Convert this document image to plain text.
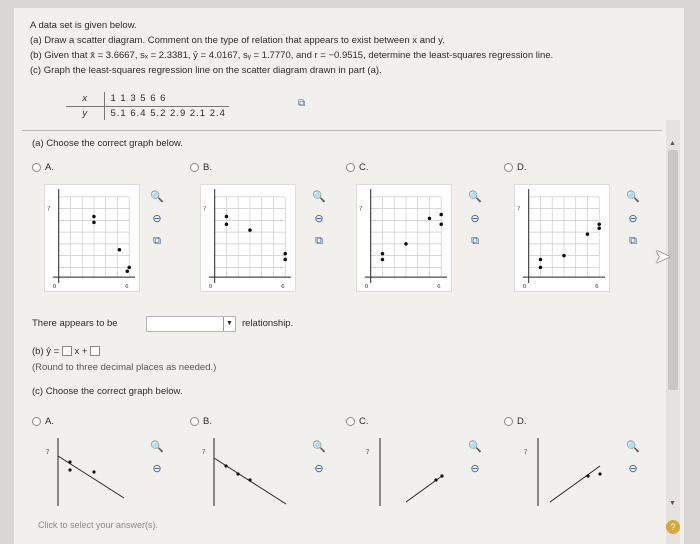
A data set is given below.
(a) Draw a scatter diagram. Comment on the type of relation that appears to exist between x and y.
(b) Given that x̄ = 3.6667, sₓ = 2.3381, ȳ = 4.0167, sᵧ = 1.7770, and r = −0.9515, determine the least-squares regression line.
(c) Graph the least-squares regression line on the scatter diagram drawn in part (a).
x	1 1 3 5 6 6
y	5.1 6.4 5.2 2.9 2.1 2.4
⧉
▲
▼
(a) Choose the correct graph below.
A.	B.	C.	D.
7
0	6
🔍
⊖
⧉
7
0	6
🔍
⊖
⧉
7
0	6
🔍
⊖
⧉
7
0	6
🔍
⊖
⧉
There appears to be	▼ relationship.
(b) ŷ = x +
(Round to three decimal places as needed.)
(c) Choose the correct graph below.
A.	B.	C.	D.
7	7	7	7
🔍
⊖
🔍
⊖
🔍
⊖
🔍
⊖
Click to select your answer(s).	?
➤
